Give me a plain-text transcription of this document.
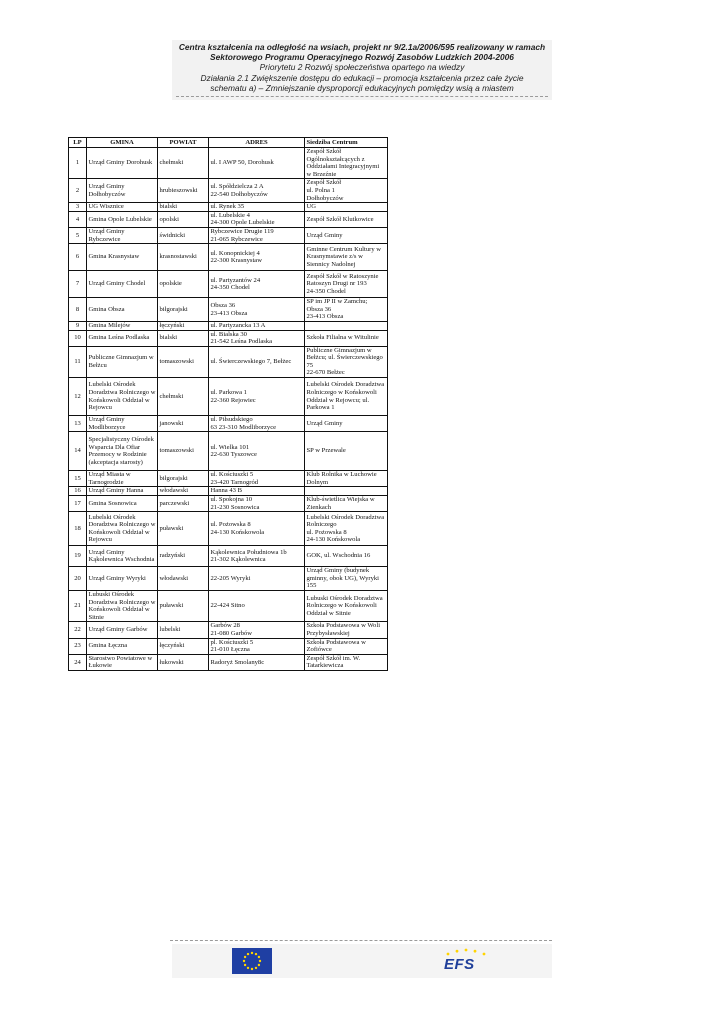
Centra kształcenia na odległość na wsiach, projekt nr 9/2.1a/2006/595 realizowany w ramach
Sektorowego Programu Operacyjnego Rozwój Zasobów Ludzkich 2004-2006
Priorytetu 2 Rozwój społeczeństwa opartego na wiedzy
Działania 2.1 Zwiększenie dostępu do edukacji – promocja kształcenia przez całe życie
schematu a) – Zmniejszanie dysproporcji edukacyjnych pomiędzy wsią a miastem
LP	GMINA	POWIAT	ADRES	Siedziba Centrum
1	Urząd Gminy Dorohusk	chełmski	ul. I AWP 50, Dorohusk	Zespół Szkół Ogólnokształcących z Oddziałami Integracyjnymi w Brzeźnie
2	Urząd Gminy Dołhobyczów	hrubieszowski	ul. Spółdzielcza 2 A
22-540 Dołhobyczów	Zespół Szkół
ul. Polna 1
Dołhobyczów
3	UG Wisznice	bialski	ul. Rynek 35	UG
4	Gmina Opole Lubelskie	opolski	ul. Lubelskie 4
24-300 Opole Lubelskie	Zespół Szkół Klutkowice
5	Urząd Gminy Rybczewice	świdnicki	Rybczewice Drugie 119
21-065 Rybczewice	Urząd Gminy
6	Gmina Krasnystaw	krasnostawski	ul. Konopnickiej 4
22-300 Krasnystaw	Gminne Centrum Kultury w Krasnymstawie z/s w Siennicy Nadolnej
7	Urząd Gminy Chodel	opolskie	ul. Partyzantów 24
24-350 Chodel	Zespół Szkół w Ratoszynie
Ratoszyn Drugi nr 193
24-350 Chodel
8	Gmina Obsza	biłgorajski	Obsza 36
23-413 Obsza	SP im JP II w Zamchu;
Obsza 36
23-413 Obsza
9	Gmina Milejów	łęczyński	ul. Partyzancka 13 A	
10	Gmina Leśna Podlaska	bialski	ul. Bialska 30
21-542 Leśna Podlaska	Szkoła Filialna w Witulinie
11	Publiczne Gimnazjum w Bełżcu	tomaszowski	ul. Świerczewskiego 7, Bełżec	Publiczne Gimnazjum w Bełżcu; ul. Świerczewskiego 75
22-670 Bełżec
12	Lubelski Ośrodek Doradztwa Rolniczego w Końskowoli Oddział w Rejowcu	chełmski	ul. Parkowa 1
22-360 Rejowiec	Lubelski Ośrodek Doradztwa Rolniczego w Końskowoli Oddział w Rejowcu; ul. Parkowa 1
13	Urząd Gminy Modliborzyce	janowski	ul. Piłsudskiego
63 23-310 Modliborzyce	Urząd Gminy
14	Specjalistyczny Ośrodek Wsparcia Dla Ofiar Przemocy w Rodzinie (akceptacja starosty)	tomaszowski	ul. Wielka 101
22-630 Tyszowce	SP w Przewale
15	Urząd Miasta w Tarnogrodzie	biłgorajski	ul. Kościuszki 5
23-420 Tarnogród	Klub Rolnika w Luchowie Dolnym
16	Urząd Gminy Hanna	włodawski	Hanna 43 B	
17	Gmina Sosnowica	parczewski	ul. Spokojna 10
21-230 Sosnowica	Klub-świetlica Wiejska w Zienkach
18	Lubelski Ośrodek Doradztwa Rolniczego w Końskowoli Oddział w Rejowcu	puławski	ul. Pożowska 8
24-130 Końskowola	Lubelski Ośrodek Doradztwa Rolniczego
ul. Pożowska 8
24-130 Końskowola
19	Urząd Gminy Kąkolewnica Wschodnia	radzyński	Kąkolewnica Południowa 1b
21-302 Kąkolewnica	GOK, ul. Wschodnia 16
20	Urząd Gminy Wyryki	włodawski	22-205 Wyryki	Urząd Gminy (budynek gminny, obok UG), Wyryki 155
21	Lubuski Ośrodek Doradztwa Rolniczego w Końskowoli Oddział w Sitnie	puławski	22-424 Sitno	Lubuski Ośrodek Doradztwa Rolniczego w Końskowoli Oddział w Sitnie
22	Urząd Gminy Garbów	lubelski	Garbów 28
21-080 Garbów	Szkoła Podstawowa w Woli Przybysławskiej
23	Gmina Łęczna	łęczyński	pl. Kościuszki 5
21-010 Łęczna	Szkoła Podstawowa w Zofiówce
24	Starostwo Powiatowe w Łukowie	łukowski	Radoryż Smolany8c	Zespół Szkół im. W. Tatarkiewicza
EFS
